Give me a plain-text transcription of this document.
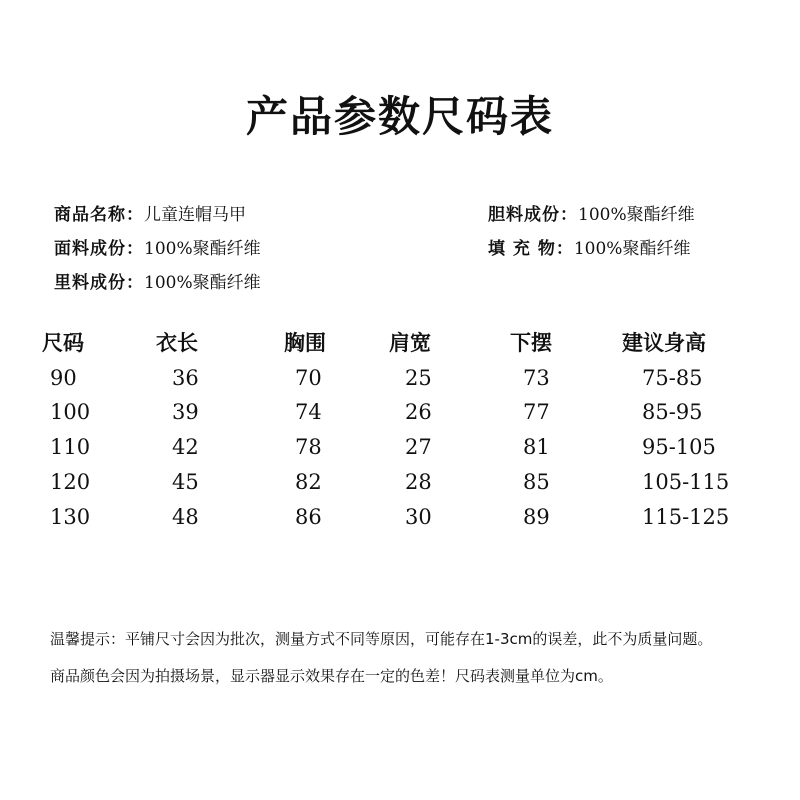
产品参数尺码表
商品名称：儿童连帽马甲
面料成份：100%聚酯纤维
里料成份：100%聚酯纤维
胆料成份：100%聚酯纤维
填 充 物：100%聚酯纤维
尺码	衣长	胸围	肩宽	下摆	建议身高
90	36	70	25	73	75-85
100	39	74	26	77	85-95
110	42	78	27	81	95-105
120	45	82	28	85	105-115
130	48	86	30	89	115-125
温馨提示：平铺尺寸会因为批次，测量方式不同等原因，可能存在1-3cm的误差，此不为质量问题。
商品颜色会因为拍摄场景，显示器显示效果存在一定的色差！尺码表测量单位为cm。
